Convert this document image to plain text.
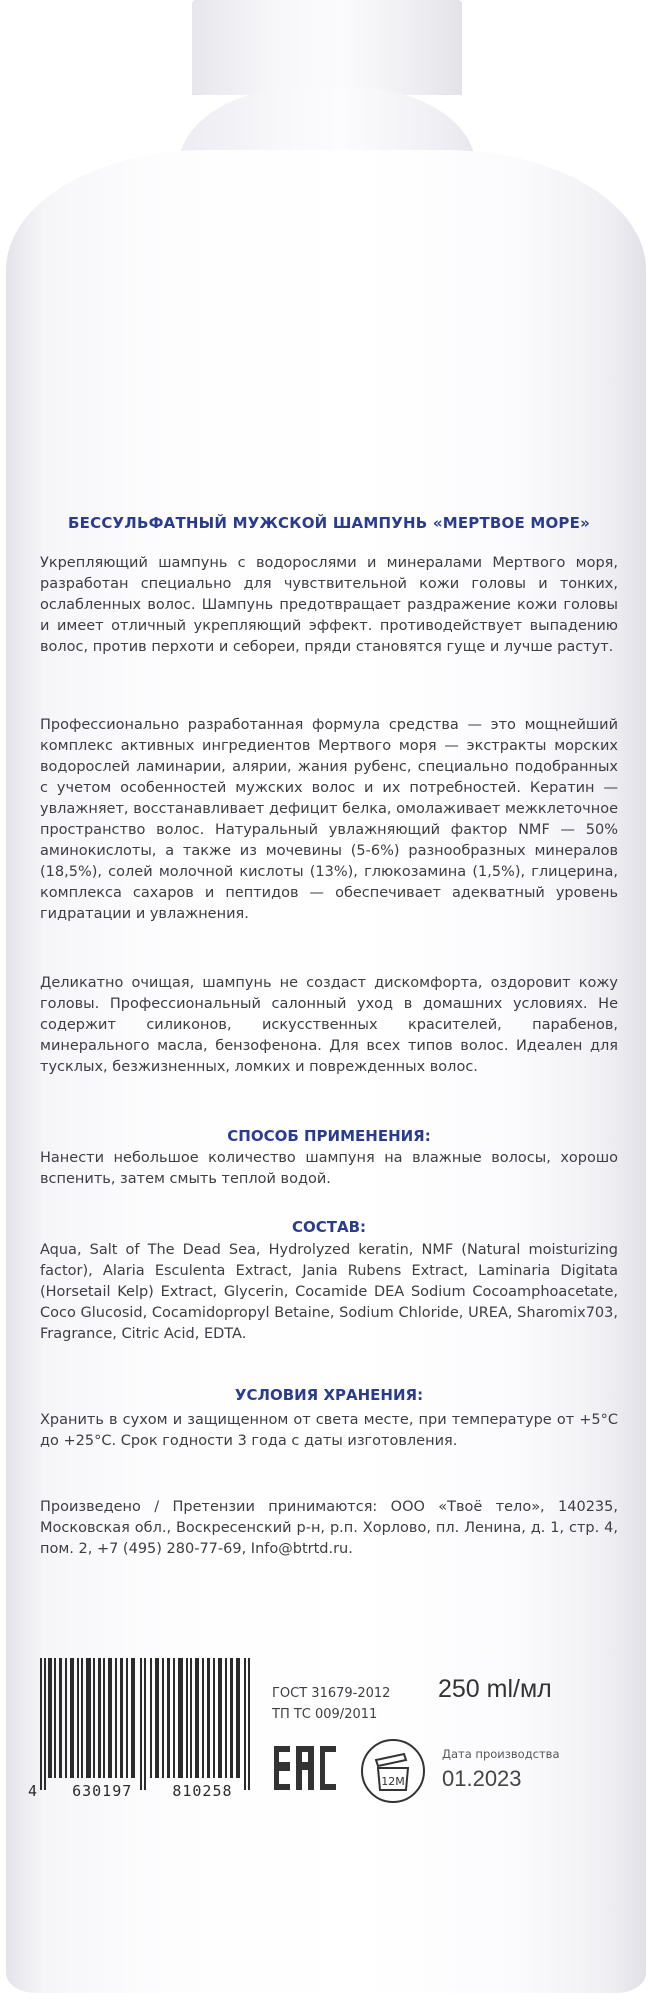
БЕССУЛЬФАТНЫЙ МУЖСКОЙ ШАМПУНЬ «МЕРТВОЕ МОРЕ»
Укрепляющий шампунь с водорослями и минералами Мертвого моря, разработан специально для чувствительной кожи головы и тонких, ослабленных волос. Шампунь предотвращает раздражение кожи головы и имеет отличный укрепляющий эффект. противодействует выпадению волос, против перхоти и себореи, пряди становятся гуще и лучше растут.
Профессионально разработанная формула средства — это мощнейший комплекс активных ингредиентов Мертвого моря — экстракты морских водорослей ламинарии, алярии, жания рубенс, специально подобранных с учетом особенностей мужских волос и их потребностей. Кератин — увлажняет, восстанавливает дефицит белка, омолаживает межклеточное пространство волос. Натуральный увлажняющий фактор NMF — 50% аминокислоты, а также из мочевины (5-6%) разнообразных минералов (18,5%), солей молочной кислоты (13%), глюкозамина (1,5%), глицерина, комплекса сахаров и пептидов — обеспечивает адекватный уровень гидратации и увлажнения.
Деликатно очищая, шампунь не создаст дискомфорта, оздоровит кожу головы. Профессиональный салонный уход в домашних условиях. Не содержит силиконов, искусственных красителей, парабенов, минерального масла, бензофенона. Для всех типов волос. Идеален для тусклых, безжизненных, ломких и поврежденных волос.
СПОСОБ ПРИМЕНЕНИЯ:
Нанести небольшое количество шампуня на влажные волосы, хорошо вспенить, затем смыть теплой водой.
СОСТАВ:
Aqua, Salt of The Dead Sea, Hydrolyzed keratin, NMF (Natural moisturizing factor), Alaria Esculenta Extract, Jania Rubens Extract, Laminaria Digitata (Horsetail Kelp) Extract, Glycerin, Cocamide DEA Sodium Cocoamphoacetate, Coco Glucosid, Cocamidopropyl Betaine, Sodium Chloride, UREA, Sharomix703, Fragrance, Citric Acid, EDTA.
УСЛОВИЯ ХРАНЕНИЯ:
Хранить в сухом и защищенном от света месте, при температуре от +5°C до +25°C. Срок годности 3 года с даты изготовления.
Произведено / Претензии принимаются: ООО «Твоё тело», 140235, Московская обл., Воскресенский р-н, р.п. Хорлово, пл. Ленина, д. 1, стр. 4, пом. 2, +7 (495) 280-77-69, Info@btrtd.ru.
4 630197	810258
ГОСТ 31679-2012
ТП ТС 009/2011
250 ml/мл
12M
Дата производства
01.2023
